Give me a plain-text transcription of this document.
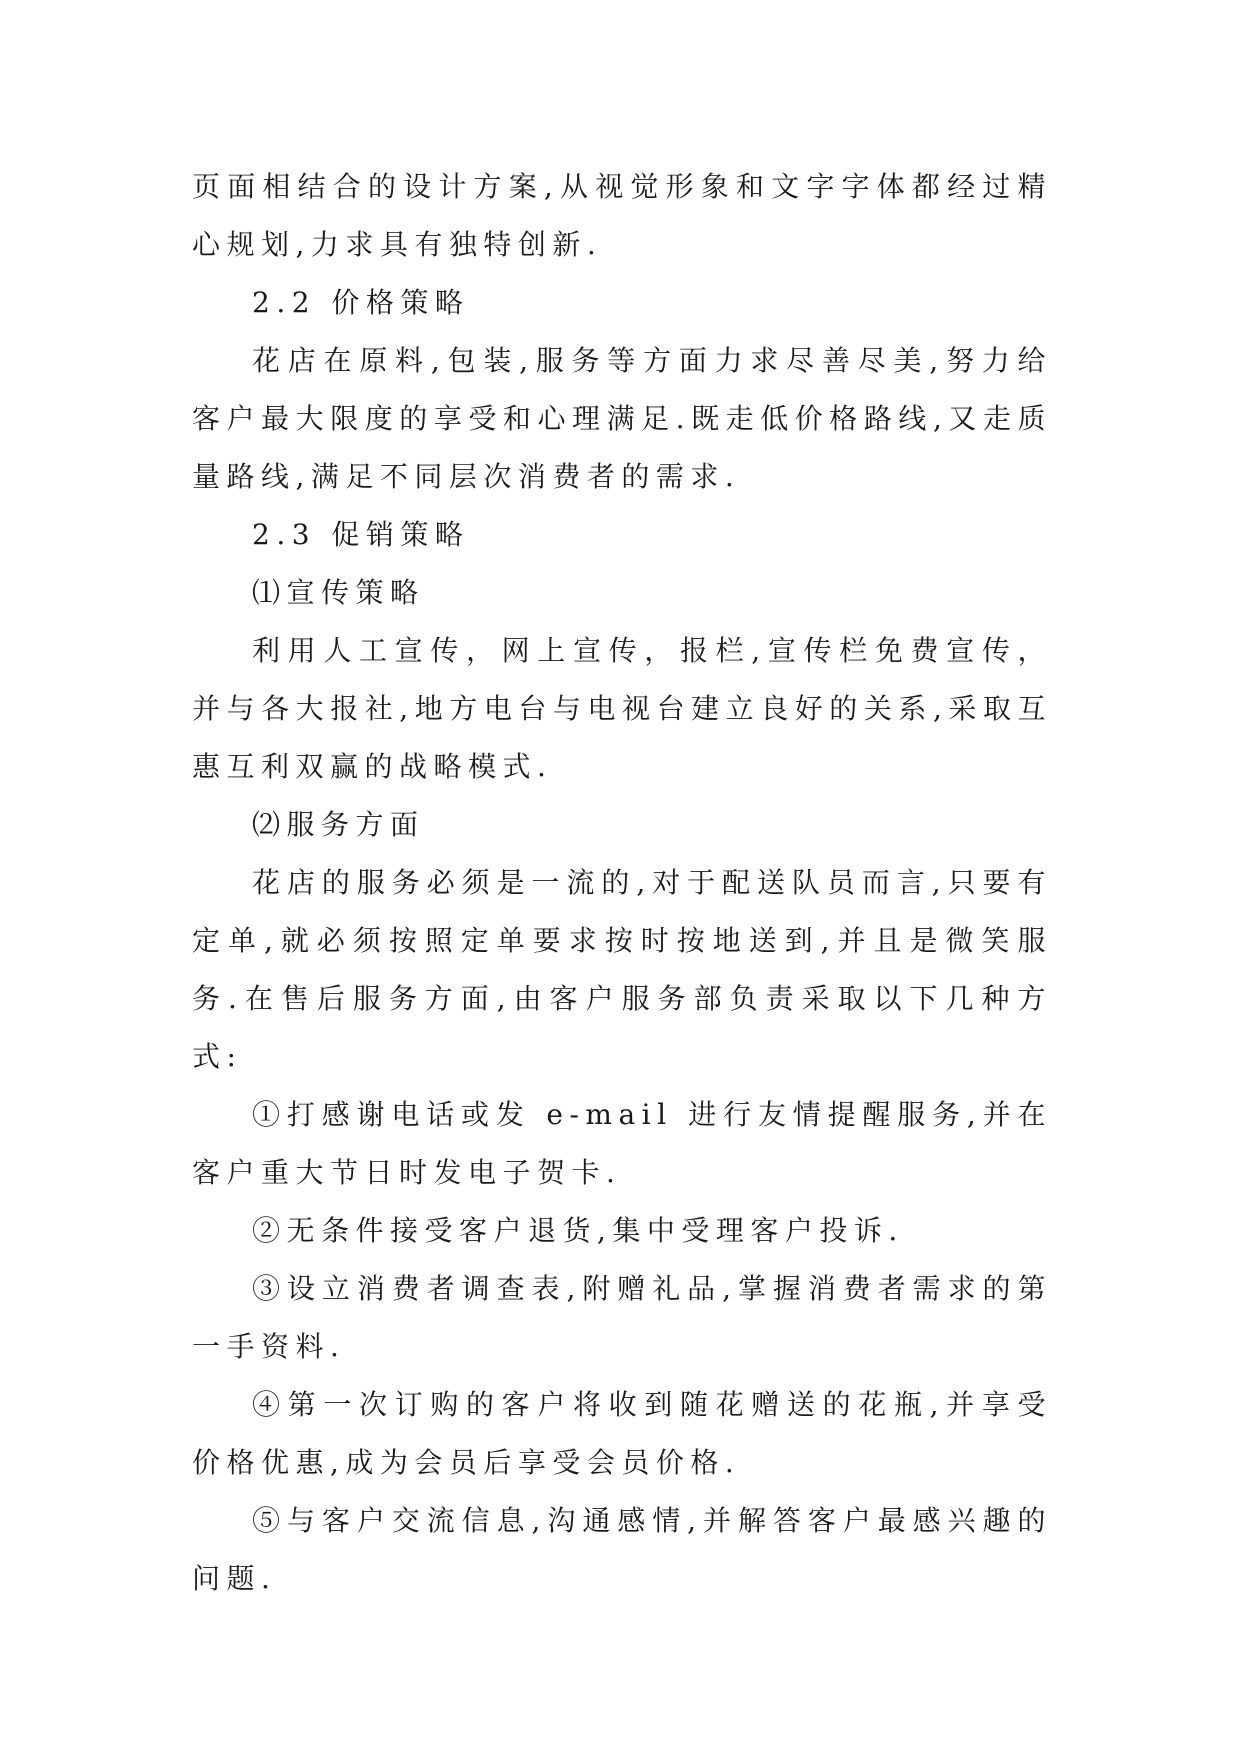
页面相结合的设计方案,从视觉形象和文字字体都经过精心规划,力求具有独特创新.

2.2 价格策略

花店在原料,包装,服务等方面力求尽善尽美,努力给客户最大限度的享受和心理满足.既走低价格路线,又走质量路线,满足不同层次消费者的需求.

2.3 促销策略

⑴宣传策略

利用人工宣传，网上宣传，报栏,宣传栏免费宣传，并与各大报社,地方电台与电视台建立良好的关系,采取互惠互利双赢的战略模式.

⑵服务方面

花店的服务必须是一流的,对于配送队员而言,只要有定单,就必须按照定单要求按时按地送到,并且是微笑服务.在售后服务方面,由客户服务部负责采取以下几种方式:

①打感谢电话或发 e-mail 进行友情提醒服务,并在客户重大节日时发电子贺卡.

②无条件接受客户退货,集中受理客户投诉.

③设立消费者调查表,附赠礼品,掌握消费者需求的第一手资料.

④第一次订购的客户将收到随花赠送的花瓶,并享受价格优惠,成为会员后享受会员价格.

⑤与客户交流信息,沟通感情,并解答客户最感兴趣的问题.
